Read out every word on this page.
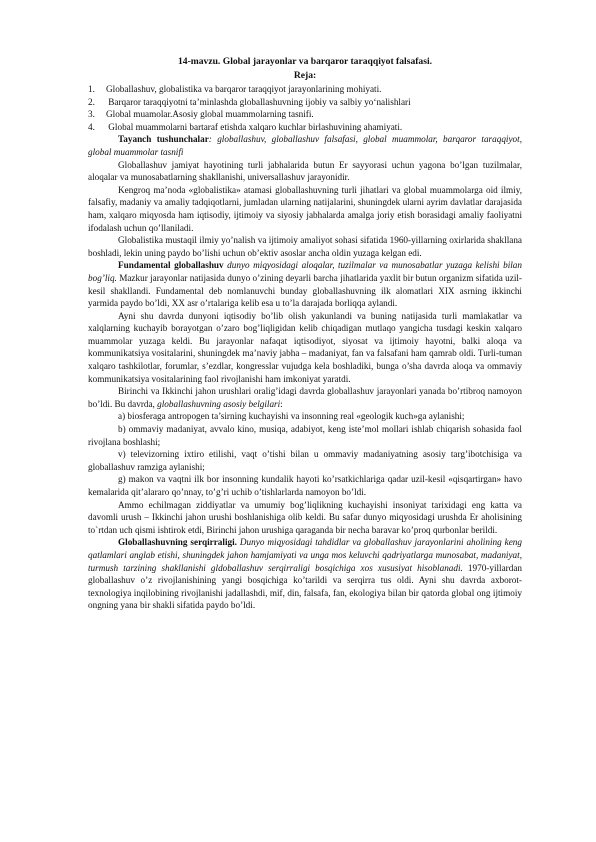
14-mavzu. Global jarayonlar va barqaror taraqqiyot falsafasi.

Reja:

1.	Globallashuv, globalistika va barqaror taraqqiyot jarayonlarining mohiyati.
2.	Barqaror taraqqiyotni ta’minlashda globallashuvning ijobiy va salbiy yo‘nalishlari
3.	Global muamolar.Asosiy global muammolarning tasnifi.
4.	Global muammolarni bartaraf etishda xalqaro kuchlar birlashuvining ahamiyati.

Tayanch tushunchalar: globallashuv, globallashuv falsafasi, global muammolar, barqaror taraqqiyot, global muammolar tasnifi

Globallashuv jamiyat hayotining turli jabhalarida butun Er sayyorasi uchun yagona bo’lgan tuzilmalar, aloqalar va munosabatlarning shakllanishi, universallashuv jarayonidir.

Kengroq ma’noda «globalistika» atamasi globallashuvning turli jihatlari va global muammolarga oid ilmiy, falsafiy, madaniy va amaliy tadqiqotlarni, jumladan ularning natijalarini, shuningdek ularni ayrim davlatlar darajasida ham, xalqaro miqyosda ham iqtisodiy, ijtimoiy va siyosiy jabhalarda amalga joriy etish borasidagi amaliy faoliyatni ifodalash uchun qo’llaniladi.

Globalistika mustaqil ilmiy yo’nalish va ijtimoiy amaliyot sohasi sifatida 1960-yillarning oxirlarida shakllana boshladi, lekin uning paydo bo’lishi uchun ob’ektiv asoslar ancha oldin yuzaga kelgan edi.

Fundamental globallashuv dunyo miqyosidagi aloqalar, tuzilmalar va munosabatlar yuzaga kelishi bilan bog’liq. Mazkur jarayonlar natijasida dunyo o’zining deyarli barcha jihatlarida yaxlit bir butun organizm sifatida uzil-kesil shakllandi. Fundamental deb nomlanuvchi bunday globallashuvning ilk alomatlari XIX asrning ikkinchi yarmida paydo bo’ldi, XX asr o’rtalariga kelib esa u to’la darajada borliqqa aylandi.

Ayni shu davrda dunyoni iqtisodiy bo’lib olish yakunlandi va buning natijasida turli mamlakatlar va xalqlarning kuchayib borayotgan o’zaro bog’liqligidan kelib chiqadigan mutlaqo yangicha tusdagi keskin xalqaro muammolar yuzaga keldi. Bu jarayonlar nafaqat iqtisodiyot, siyosat va ijtimoiy hayotni, balki aloqa va kommunikatsiya vositalarini, shuningdek ma’naviy jabha – madaniyat, fan va falsafani ham qamrab oldi. Turli-tuman xalqaro tashkilotlar, forumlar, s’ezdlar, kongresslar vujudga kela boshladiki, bunga o’sha davrda aloqa va ommaviy kommunikatsiya vositalarining faol rivojlanishi ham imkoniyat yaratdi.

Birinchi va Ikkinchi jahon urushlari oralig’idagi davrda globallashuv jarayonlari yanada bo’rtibroq namoyon bo’ldi. Bu davrda, globallashuvning asosiy belgilari:

a) biosferaga antropogen ta’sirning kuchayishi va insonning real «geologik kuch»ga aylanishi;

b) ommaviy madaniyat, avvalo kino, musiqa, adabiyot, keng iste’mol mollari ishlab chiqarish sohasida faol rivojlana boshlashi;

v) televizorning ixtiro etilishi, vaqt o’tishi bilan u ommaviy madaniyatning asosiy targ’ibotchisiga va globallashuv ramziga aylanishi;

g) makon va vaqtni ilk bor insonning kundalik hayoti ko’rsatkichlariga qadar uzil-kesil «qisqartirgan» havo kemalarida qit’alararo qo’nnay, to’g’ri uchib o’tishlarlarda namoyon bo’ldi.

Ammo echilmagan ziddiyatlar va umumiy bog’liqlikning kuchayishi insoniyat tarixidagi eng katta va davomli urush – Ikkinchi jahon urushi boshlanishiga olib keldi. Bu safar dunyo miqyosidagi urushda Er aholisining to`rtdan uch qismi ishtirok etdi, Birinchi jahon urushiga qaraganda bir necha baravar ko’proq qurbonlar berildi.

Globallashuvning serqirraligi. Dunyo miqyosidagi tahdidlar va globallashuv jarayonlarini aholining keng qatlamlari anglab etishi, shuningdek jahon hamjamiyati va unga mos keluvchi qadriyatlarga munosabat, madaniyat, turmush tarzining shakllanishi gldoballashuv serqirraligi bosqichiga xos xususiyat hisoblanadi. 1970-yillardan globallashuv o’z rivojlanishining yangi bosqichiga ko’tarildi va serqirra tus oldi. Ayni shu davrda axborot-texnologiya inqilobining rivojlanishi jadallashdi, mif, din, falsafa, fan, ekologiya bilan bir qatorda global ong ijtimoiy ongning yana bir shakli sifatida paydo bo’ldi.
